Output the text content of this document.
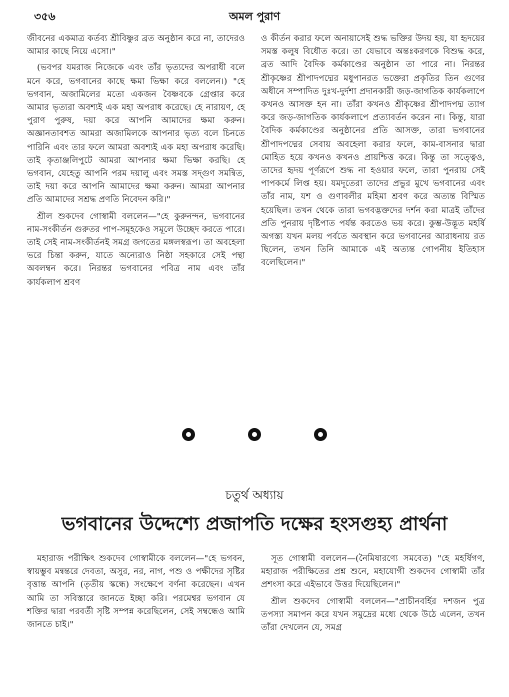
৩৫৬	অমল পুরাণ

জীবনের একমাত্র কর্তব্য শ্রীবিষ্ণুর ব্রত অনুষ্ঠান করে না, তাদেরও আমার কাছে নিয়ে এসো।"

(ভবপর যমরাজ নিজেকে এবং তাঁর ভৃত্যদের অপরাধী বলে মনে করে, ভগবানের কাছে ক্ষমা ভিক্ষা করে বললেন।) "হে ভগবান, অজামিলের মতো একজন বৈষ্ণবকে গ্রেপ্তার করে আমার ভৃত্যরা অবশ্যই এক মহা অপরাধ করেছে। হে নারায়ণ, হে পুরাণ পুরুষ, দয়া করে আপনি আমাদের ক্ষমা করুন। অজ্ঞানতাবশত আমরা অজামিলকে আপনার ভৃত্য বলে চিনতে পারিনি এবং তার ফলে আমরা অবশ্যই এক মহা অপরাধ করেছি। তাই কৃতাঞ্জলিপুটে আমরা আপনার ক্ষমা ভিক্ষা করছি। হে ভগবান, যেহেতু আপনি পরম দয়ালু এবং সমস্ত সদ্গুণ সমন্বিত, তাই দয়া করে আপনি আমাদের ক্ষমা করুন। আমরা আপনার প্রতি আমাদের সশ্রদ্ধ প্রণতি নিবেদন করি।"

শ্রীল শুকদেব গোস্বামী বললেন—"হে কুরুনন্দন, ভগবানের নাম-সংকীর্তন গুরুতর পাপ-সমূহকেও সমূলে উচ্ছেদ করতে পারে। তাই সেই নাম-সংকীর্তনই সমগ্র জগতের মঙ্গলস্বরূপ। তা অবহেলা ভরে চিন্তা করুন, যাতে অন্যেরাও নিষ্ঠা সহকারে সেই পন্থা অবলম্বন করে। নিরন্তর ভগবানের পবিত্র নাম এবং তাঁর কার্যকলাপ শ্রবণ

ও কীর্তন করার ফলে অনায়াসেই শুদ্ধ ভক্তির উদয় হয়, যা হৃদয়ের সমস্ত কলুষ বিধৌত করে। তা যেভাবে অন্তঃকরণকে বিশুদ্ধ করে, ব্রত আদি বৈদিক কর্মকাণ্ডের অনুষ্ঠান তা পারে না। নিরন্তর শ্রীকৃষ্ণের শ্রীপাদপদ্মের মধুপানরত ভক্তেরা প্রকৃতির তিন গুণের অধীনে সম্পাদিত দুঃখ-দুর্দশা প্রদানকারী জড়-জাগতিক কার্যকলাপে কখনও আসক্ত হন না। তাঁরা কখনও শ্রীকৃষ্ণের শ্রীপাদপদ্ম ত্যাগ করে জড়-জাগতিক কার্যকলাপে প্রত্যাবর্তন করেন না। কিন্তু, যারা বৈদিক কর্মকাণ্ডের অনুষ্ঠানের প্রতি আসক্ত, তারা ভগবানের শ্রীপাদপদ্মের সেবায় অবহেলা করার ফলে, কাম-বাসনার দ্বারা মোহিত হয়ে কখনও কখনও প্রায়শ্চিত্ত করে। কিন্তু তা সত্ত্বেও, তাদের হৃদয় পূর্ণরূপে শুদ্ধ না হওয়ার ফলে, তারা পুনরায় সেই পাপকর্মে লিপ্ত হয়। যমদূতেরা তাদের প্রভুর মুখে ভগবানের এবং তাঁর নাম, যশ ও গুণাবলীর মহিমা শ্রবণ করে অত্যন্ত বিস্মিত হয়েছিল। তখন থেকে তারা ভগবদ্ভক্তদের দর্শন করা মাত্রই তাঁদের প্রতি পুনরায় দৃষ্টিপাত পর্যন্ত করতেও ভয় করে। কুম্ভ-উদ্ভূত মহর্ষি অগস্ত্য যখন মলয় পর্বতে অবস্থান করে ভগবানের আরাধনায় রত ছিলেন, তখন তিনি আমাকে এই অত্যন্ত গোপনীয় ইতিহাস বলেছিলেন।"

চতুর্থ অধ্যায়
ভগবানের উদ্দেশ্যে প্রজাপতি দক্ষের হংসগুহ্য প্রার্থনা

মহারাজ পরীক্ষিৎ শুকদেব গোস্বামীকে বললেন—"হে ভগবন, স্বায়ম্ভুব মন্বন্তরে দেবতা, অসুর, নর, নাগ, পশু ও পক্ষীদের সৃষ্টির বৃত্তান্ত আপনি (তৃতীয় স্কন্ধে) সংক্ষেপে বর্ণনা করেছেন। এখন আমি তা সবিস্তারে জানতে ইচ্ছা করি। পরমেশ্বর ভগবান যে শক্তির দ্বারা পরবর্তী সৃষ্টি সম্পন্ন করেছিলেন, সেই সম্বন্ধেও আমি জানতে চাই।"

সূত গোস্বামী বললেন—(নৈমিষারণ্যে সমবেত) "হে মহর্ষিগণ, মহারাজ পরীক্ষিতের প্রশ্ন শুনে, মহাযোগী শুকদেব গোস্বামী তাঁর প্রশংসা করে এইভাবে উত্তর দিয়েছিলেন।"

শ্রীল শুকদেব গোস্বামী বললেন—"প্রাচীনবর্হির দশজন পুত্র তপস্যা সমাপন করে যখন সমুদ্রের মধ্যে থেকে উঠে এলেন, তখন তাঁরা দেখলেন যে, সমগ্র
